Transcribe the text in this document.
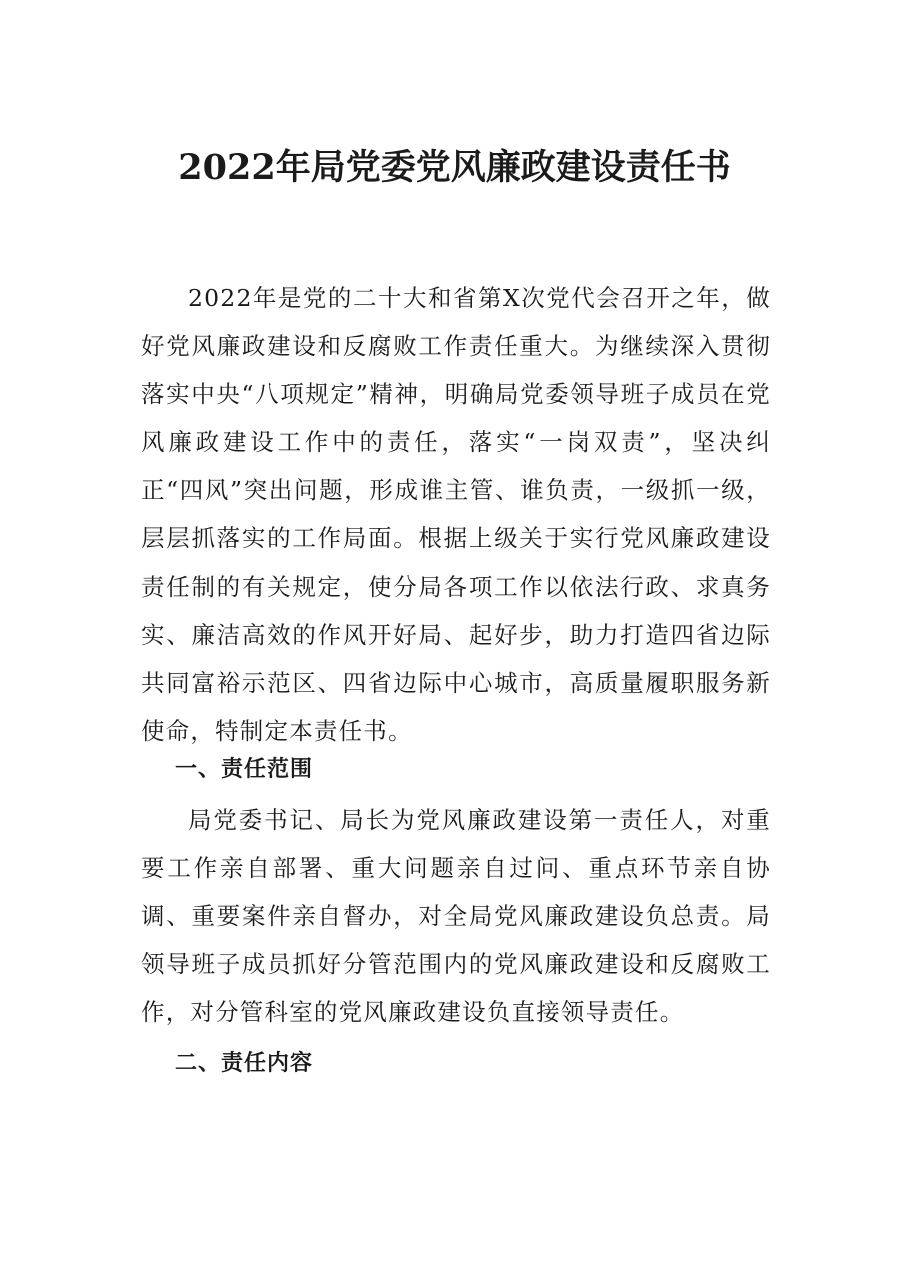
2022年局党委党风廉政建设责任书

2022年是党的二十大和省第Ⅹ次党代会召开之年，做好党风廉政建设和反腐败工作责任重大。为继续深入贯彻落实中央“八项规定”精神，明确局党委领导班子成员在党风廉政建设工作中的责任，落实“一岗双责”，坚决纠正“四风”突出问题，形成谁主管、谁负责，一级抓一级，层层抓落实的工作局面。根据上级关于实行党风廉政建设责任制的有关规定，使分局各项工作以依法行政、求真务实、廉洁高效的作风开好局、起好步，助力打造四省边际共同富裕示范区、四省边际中心城市，高质量履职服务新使命，特制定本责任书。

一、责任范围

局党委书记、局长为党风廉政建设第一责任人，对重要工作亲自部署、重大问题亲自过问、重点环节亲自协调、重要案件亲自督办，对全局党风廉政建设负总责。局领导班子成员抓好分管范围内的党风廉政建设和反腐败工作，对分管科室的党风廉政建设负直接领导责任。

二、责任内容
